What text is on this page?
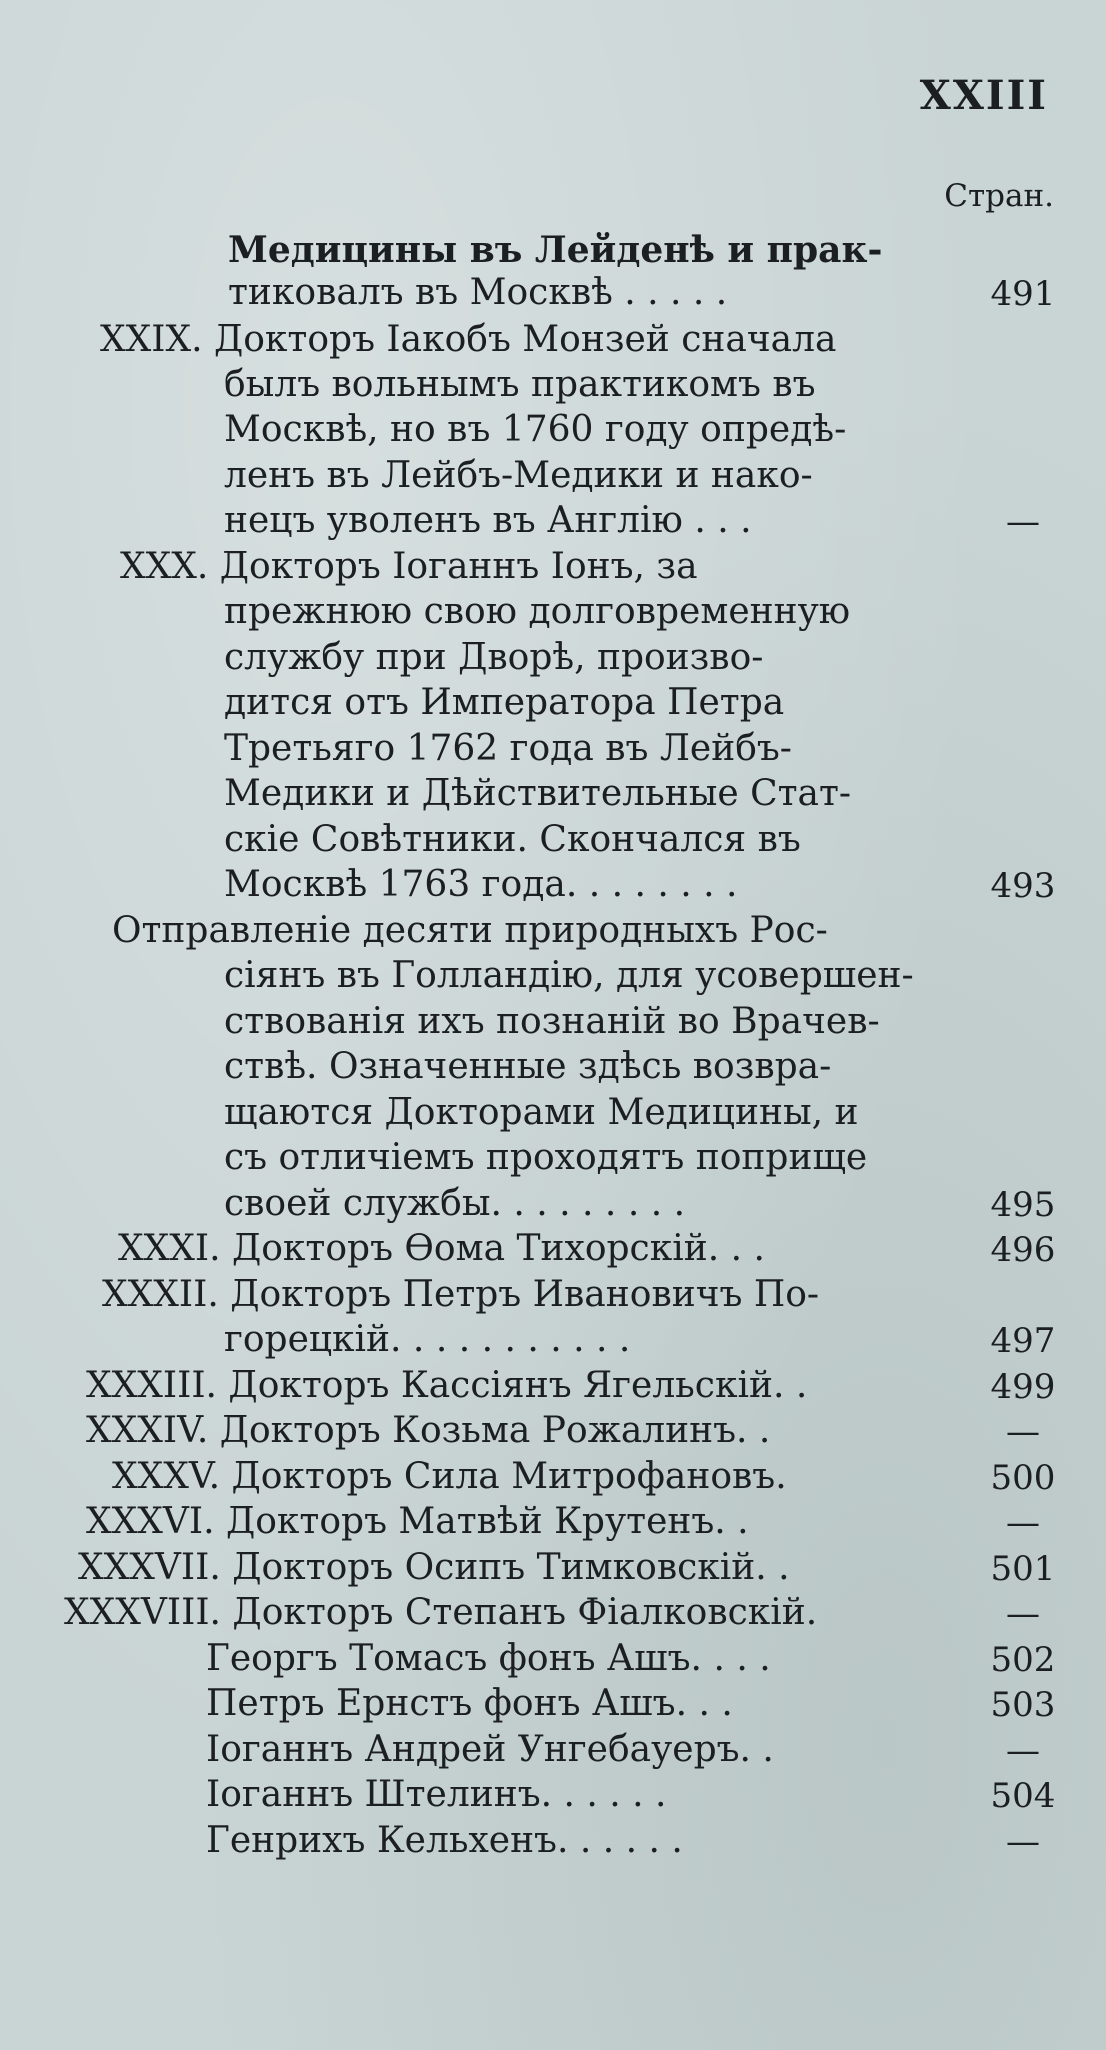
XXIII
Стран.
Медицины въ Лейденѣ и прак-
тиковалъ въ Москвѣ . . . . .
XXIX. Докторъ Іакобъ Монзей сначала
былъ вольнымъ практикомъ въ
Москвѣ, но въ 1760 году опредѣ-
ленъ въ Лейбъ-Медики и нако-
нецъ уволенъ въ Англію . . .
XXX. Докторъ Іоганнъ Іонъ, за
прежнюю свою долговременную
службу при Дворѣ, произво-
дится отъ Императора Петра
Третьяго 1762 года въ Лейбъ-
Медики и Дѣйствительные Стат-
скіе Совѣтники. Скончался въ
Москвѣ 1763 года. . . . . . . .
Отправленіе десяти природныхъ Рос-
сіянъ въ Голландію, для усовершен-
ствованія ихъ познаній во Врачев-
ствѣ. Означенные здѣсь возвра-
щаются Докторами Медицины, и
съ отличіемъ проходятъ поприще
своей службы. . . . . . . . .
XXXI. Докторъ Ѳома Тихорскій. . .
XXXII. Докторъ Петръ Ивановичъ По-
горецкій. . . . . . . . . . .
XXXIII. Докторъ Кассіянъ Ягельскій. .
XXXIV. Докторъ Козьма Рожалинъ. .
XXXV. Докторъ Сила Митрофановъ.
XXXVI. Докторъ Матвѣй Крутенъ. .
XXXVII. Докторъ Осипъ Тимковскій. .
XXXVIII. Докторъ Степанъ Фіалковскій.
Георгъ Томасъ фонъ Ашъ. . . .
Петръ Ернстъ фонъ Ашъ. . .
Іоганнъ Андрей Унгебауеръ. .
Іоганнъ Штелинъ. . . . . .
Генрихъ Кельхенъ. . . . . .
491
—
493
495
496
497
499
—
500
—
501
—
502
503
—
504
—
